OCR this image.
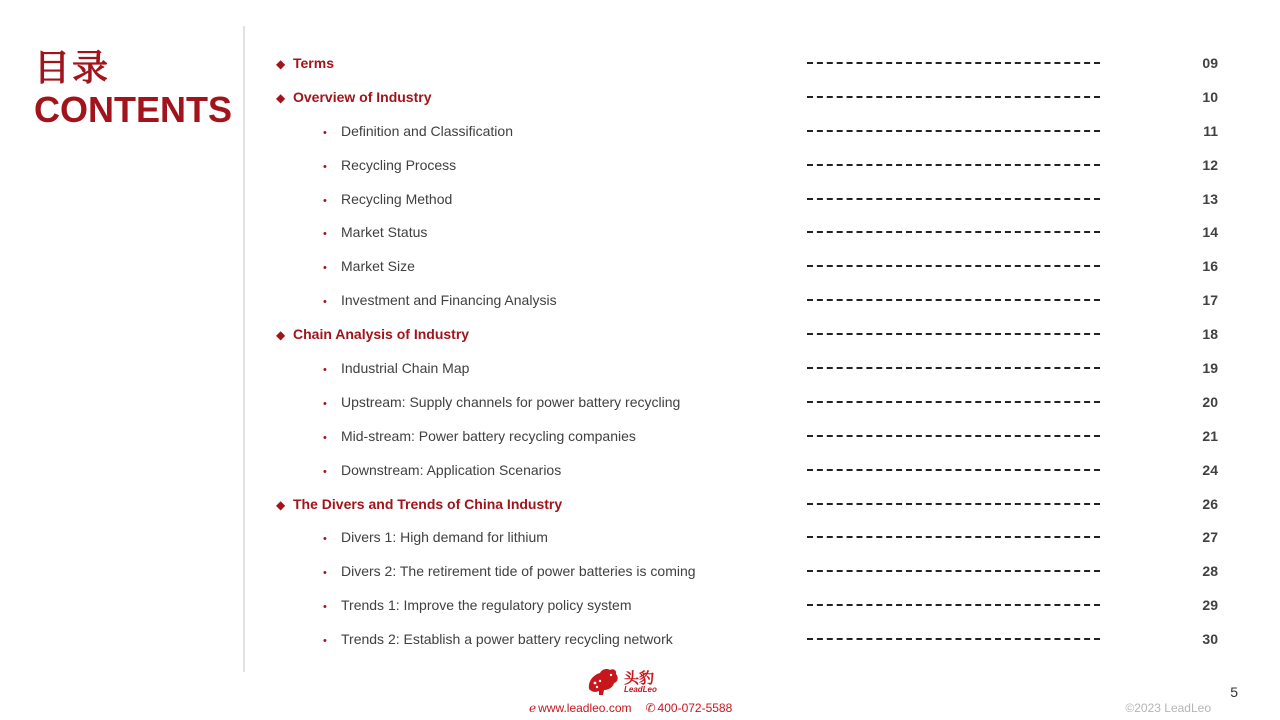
目录
CONTENTS
◆ Terms	09
◆ Overview of Industry	10
• Definition and Classification	11
• Recycling Process	12
• Recycling Method	13
• Market Status	14
• Market Size	16
• Investment and Financing Analysis	17
◆ Chain Analysis of Industry	18
• Industrial Chain Map	19
• Upstream: Supply channels for power battery recycling	20
• Mid-stream: Power battery recycling companies	21
• Downstream: Application Scenarios	24
◆ The Divers and Trends of China Industry	26
• Divers 1: High demand for lithium	27
• Divers 2: The retirement tide of power batteries is coming	28
• Trends 1: Improve the regulatory policy system	29
• Trends 2: Establish a power battery recycling network	30
头豹
LeadLeo
ℯ www.leadleo.com ✆ 400-072-5588	©2023 LeadLeo
5
